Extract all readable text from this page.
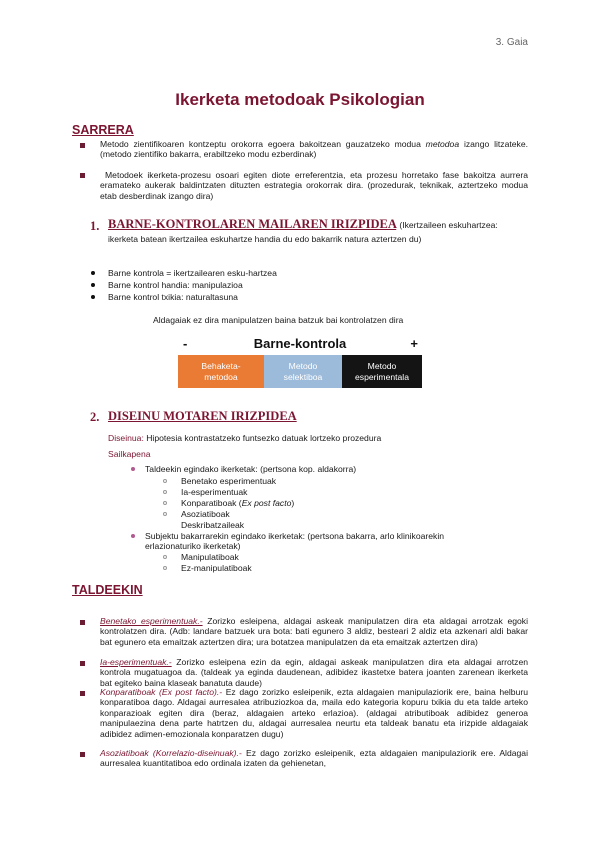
3. Gaia
Ikerketa metodoak Psikologian
SARRERA
Metodo zientifikoaren kontzeptu orokorra egoera bakoitzean gauzatzeko modua metodoa izango litzateke.(metodo zientifiko bakarra, erabiltzeko modu ezberdinak)
Metodoek ikerketa-prozesu osoari egiten diote erreferentzia, eta prozesu horretako fase bakoitza aurrera eramateko aukerak baldintzaten dituzten estrategia orokorrak dira. (prozedurak, teknikak, aztertzeko modua etab desberdinak izango dira)
1. BARNE-KONTROLAREN MAILAREN IRIZPIDEA (Ikertzaileen eskuhartzea: ikerketa batean ikertzailea eskuhartze handia du edo bakarrik natura aztertzen du)
Barne kontrola = ikertzailearen esku-hartzea
Barne kontrol handia: manipulazioa
Barne kontrol txikia: naturaltasuna
Aldagaiak ez dira manipulatzen baina batzuk bai kontrolatzen dira
-	Barne-kontrola	+
Behaketa-metodoa
Metodo selektiboa
Metodo esperimentala
2. DISEINU MOTAREN IRIZPIDEA
Diseinua: Hipotesia kontrastatzeko funtsezko datuak lortzeko prozedura
Sailkapena
Taldeekin egindako ikerketak: (pertsona kop. aldakorra)
Benetako esperimentuak
Ia-esperimentuak
Konparatiboak (Ex post facto)
Asoziatiboak
Deskribatzaileak
Subjektu bakarrarekin egindako ikerketak: (pertsona bakarra, arlo klinikoarekin erlazionaturiko ikerketak)
Manipulatiboak
Ez-manipulatiboak
TALDEEKIN
Benetako esperimentuak.- Zorizko esleipena, aldagai askeak manipulatzen dira eta aldagai arrotzak egoki kontrolatzen dira. (Adb: landare batzuek ura bota: bati egunero 3 aldiz, besteari 2 aldiz eta azkenari aldi bakar bat egunero eta emaitzak aztertzen dira; ura botatzea manipulatzen da eta emaitzak aztertzen dira)
Ia-esperimentuak.- Zorizko esleipena ezin da egin, aldagai askeak manipulatzen dira eta aldagai arrotzen kontrola mugatuagoa da. (taldeak ya eginda daudenean, adibidez ikastetxe batera joanten zarenean ikerketa bat egiteko baina klaseak banatuta daude)
Konparatiboak (Ex post facto).- Ez dago zorizko esleipenik, ezta aldagaien manipulaziorik ere, baina helburu konparatiboa dago. Aldagai aurresalea atribuziozkoa da, maila edo kategoria kopuru txikia du eta talde arteko konparazioak egiten dira (beraz, aldagaien arteko erlazioa). (aldagai atributiboak adibidez generoa manipulaezina dena parte hatrtzen du, aldagai aurresalea neurtu eta taldeak banatu eta irizpide aldagaiak adibidez adimen-emozionala konparatzen dugu)
Asoziatiboak (Korrelazio-diseinuak).- Ez dago zorizko esleipenik, ezta aldagaien manipulaziorik ere. Aldagai aurresalea kuantitatiboa edo ordinala izaten da gehienetan,
